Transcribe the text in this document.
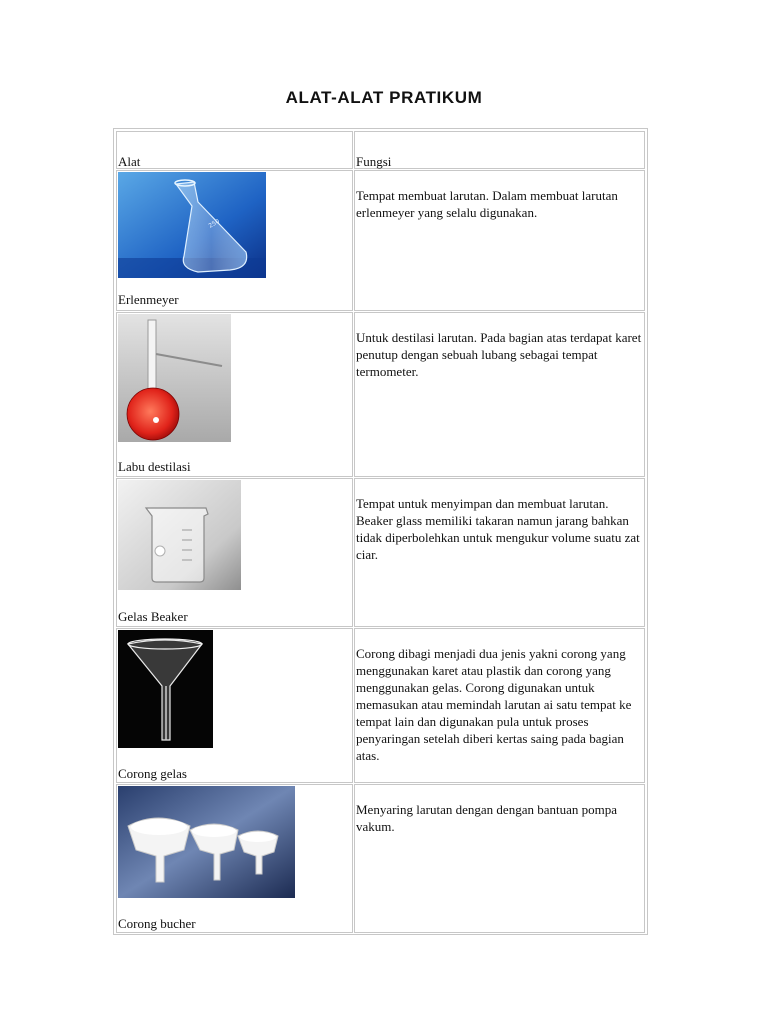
ALAT-ALAT PRATIKUM
Alat	Fungsi
250
Erlenmeyer
Tempat membuat larutan. Dalam membuat larutan erlenmeyer yang selalu digunakan.
Labu destilasi
Untuk destilasi larutan. Pada bagian atas terdapat karet penutup dengan sebuah lubang sebagai tempat termometer.
Gelas Beaker
Tempat untuk menyimpan dan membuat larutan. Beaker glass memiliki takaran namun jarang bahkan tidak diperbolehkan untuk mengukur volume suatu zat ciar.
Corong gelas
Corong dibagi menjadi dua jenis yakni corong yang menggunakan karet atau plastik dan corong yang menggunakan gelas. Corong digunakan untuk memasukan atau memindah larutan ai satu tempat ke tempat lain dan digunakan pula untuk proses penyaringan setelah diberi kertas saing pada bagian atas.
Corong bucher
Menyaring larutan dengan dengan bantuan pompa vakum.
